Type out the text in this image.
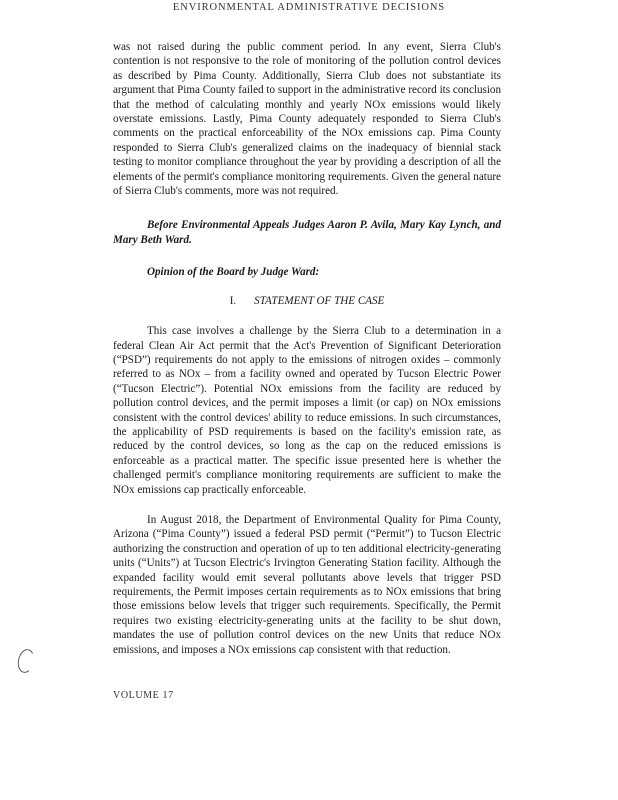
ENVIRONMENTAL ADMINISTRATIVE DECISIONS

was not raised during the public comment period. In any event, Sierra Club's contention is not responsive to the role of monitoring of the pollution control devices as described by Pima County. Additionally, Sierra Club does not substantiate its argument that Pima County failed to support in the administrative record its conclusion that the method of calculating monthly and yearly NOx emissions would likely overstate emissions. Lastly, Pima County adequately responded to Sierra Club's comments on the practical enforceability of the NOx emissions cap. Pima County responded to Sierra Club's generalized claims on the inadequacy of biennial stack testing to monitor compliance throughout the year by providing a description of all the elements of the permit's compliance monitoring requirements. Given the general nature of Sierra Club's comments, more was not required.

Before Environmental Appeals Judges Aaron P. Avila, Mary Kay Lynch, and Mary Beth Ward.

Opinion of the Board by Judge Ward:

I. STATEMENT OF THE CASE

This case involves a challenge by the Sierra Club to a determination in a federal Clean Air Act permit that the Act's Prevention of Significant Deterioration (“PSD”) requirements do not apply to the emissions of nitrogen oxides – commonly referred to as NOx – from a facility owned and operated by Tucson Electric Power (“Tucson Electric”). Potential NOx emissions from the facility are reduced by pollution control devices, and the permit imposes a limit (or cap) on NOx emissions consistent with the control devices' ability to reduce emissions. In such circumstances, the applicability of PSD requirements is based on the facility's emission rate, as reduced by the control devices, so long as the cap on the reduced emissions is enforceable as a practical matter. The specific issue presented here is whether the challenged permit's compliance monitoring requirements are sufficient to make the NOx emissions cap practically enforceable.

In August 2018, the Department of Environmental Quality for Pima County, Arizona (“Pima County”) issued a federal PSD permit (“Permit”) to Tucson Electric authorizing the construction and operation of up to ten additional electricity-generating units (“Units”) at Tucson Electric's Irvington Generating Station facility. Although the expanded facility would emit several pollutants above levels that trigger PSD requirements, the Permit imposes certain requirements as to NOx emissions that bring those emissions below levels that trigger such requirements. Specifically, the Permit requires two existing electricity-generating units at the facility to be shut down, mandates the use of pollution control devices on the new Units that reduce NOx emissions, and imposes a NOx emissions cap consistent with that reduction.

VOLUME 17
